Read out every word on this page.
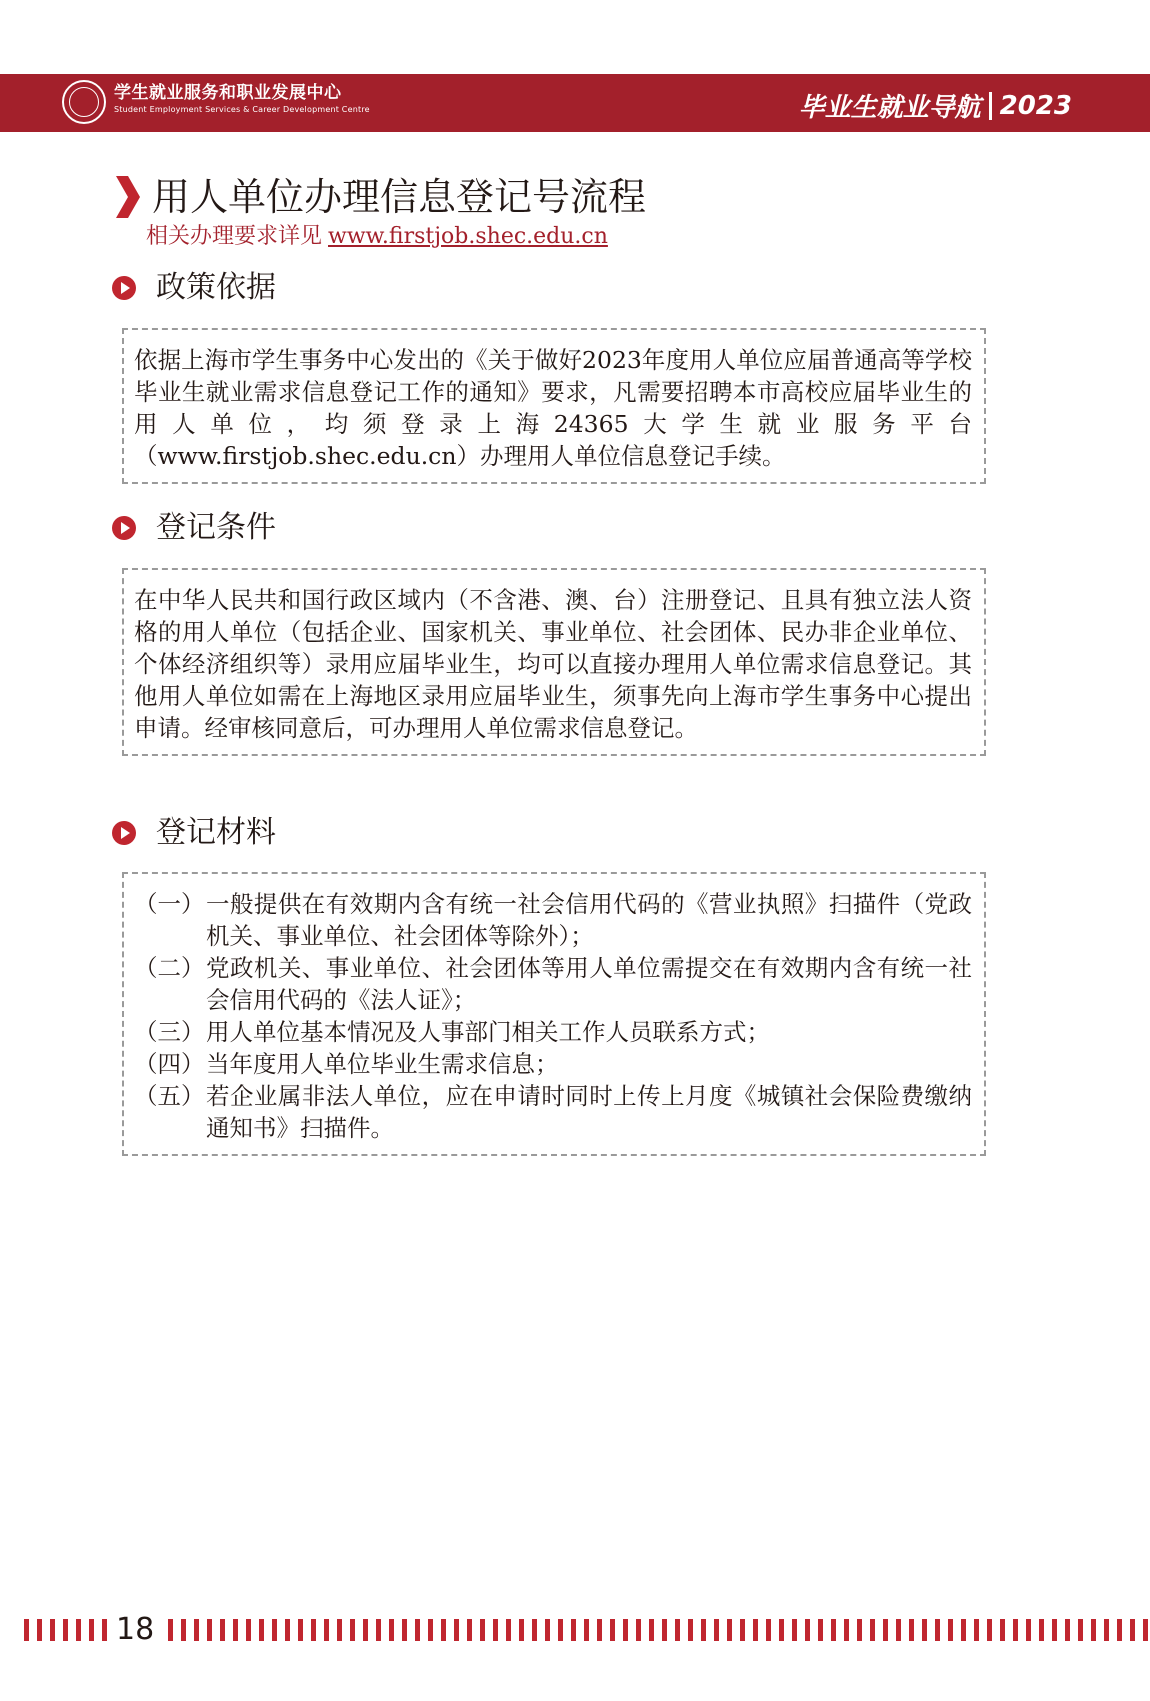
学生就业服务和职业发展中心
Student Employment Services & Career Development Centre	毕业生就业导航 2023
用人单位办理信息登记号流程
相关办理要求详见 www.firstjob.shec.edu.cn
政策依据

依据上海市学生事务中心发出的《关于做好2023年度用人单位应届普通高等学校毕业生就业需求信息登记工作的通知》要求，凡需要招聘本市高校应届毕业生的用人单位，均须登录上海24365大学生就业服务平台（www.firstjob.shec.edu.cn）办理用人单位信息登记手续。

登记条件

在中华人民共和国行政区域内（不含港、澳、台）注册登记、且具有独立法人资格的用人单位（包括企业、国家机关、事业单位、社会团体、民办非企业单位、个体经济组织等）录用应届毕业生，均可以直接办理用人单位需求信息登记。其他用人单位如需在上海地区录用应届毕业生，须事先向上海市学生事务中心提出申请。经审核同意后，可办理用人单位需求信息登记。

登记材料
（一） 一般提供在有效期内含有统一社会信用代码的《营业执照》扫描件（党政机关、事业单位、社会团体等除外）；
（二） 党政机关、事业单位、社会团体等用人单位需提交在有效期内含有统一社会信用代码的《法人证》；
（三） 用人单位基本情况及人事部门相关工作人员联系方式；
（四） 当年度用人单位毕业生需求信息；
（五） 若企业属非法人单位，应在申请时同时上传上月度《城镇社会保险费缴纳通知书》扫描件。
18
